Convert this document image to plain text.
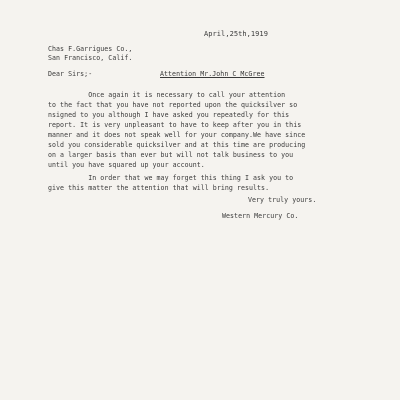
April,25th,1919
Chas F.Garrigues Co.,
San Francisco, Calif.
Dear Sirs;-	Attention Mr.John C McGree
Once again it is necessary to call your attention
to the fact that you have not reported upon the quicksilver so
nsigned to you although I have asked you repeatedly for this
report. It is very unpleasant to have to keep after you in this
manner and it does not speak well for your company.We have since
sold you considerable quicksilver and at this time are producing
on a larger basis than ever but will not talk business to you
until you have squared up your account.
In order that we may forget this thing I ask you to
give this matter the attention that will bring results.
Very truly yours.
Western Mercury Co.
